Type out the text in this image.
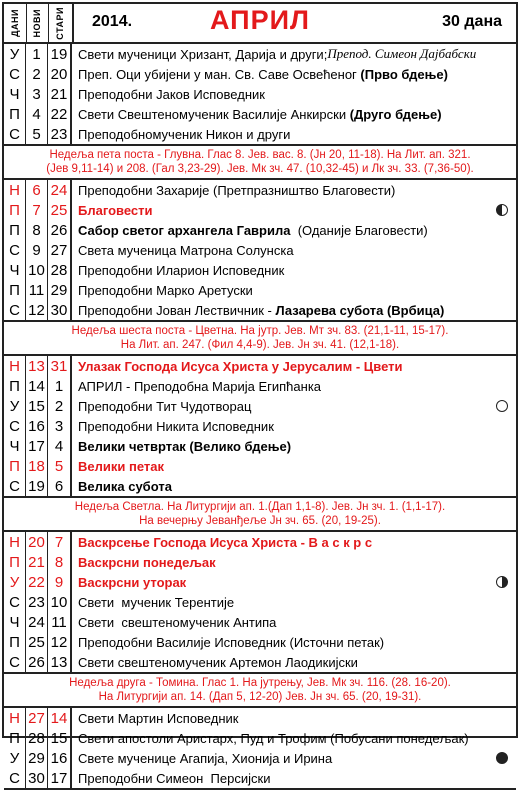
ДАНИ НОВИ СТАРИ	АПРИЛ
2014.	30 дана
У 1 19 Свети мученици Хризант, Дарија и други; Препод. Симеон Дајбабски
С 2 20 Преп. Оци убијени у ман. Св. Саве Освећеног (Прво бдење)
Ч 3 21 Преподобни Јаков Исповедник
П 4 22 Свети Свештеномученик Василије Анкирски (Друго бдење)
С 5 23 Преподобномученик Никон и други
Недеља пета поста - Глувна. Глас 8. Јев. вас. 8. (Јн 20, 11-18). На Лит. ап. 321.
(Јев 9,11-14) и 208. (Гал 3,23-29). Јев. Мк зч. 47. (10,32-45) и Лк зч. 33. (7,36-50).
Н 6 24 Преподобни Захарије (Претпразништво Благовести)
П 7 25 Благовести
П 8 26 Сабор светог архангела Гаврила (Оданије Благовести)
С 9 27 Света мученица Матрона Солунска
Ч 10 28 Преподобни Иларион Исповедник
П 11 29 Преподобни Марко Аретуски
С 12 30 Преподобни Јован Лествичник - Лазарева субота (Врбица)
Недеља шеста поста - Цветна. На јутр. Јев. Мт зч. 83. (21,1-11, 15-17).
На Лит. ап. 247. (Фил 4,4-9). Јев. Јн зч. 41. (12,1-18).
Н 13 31 Улазак Господа Исуса Христа у Јерусалим - Цвети
П 14 1	АПРИЛ - Преподобна Марија Египћанка
У 15 2	Преподобни Тит Чудотворац
С 16 3	Преподобни Никита Исповедник
Ч 17 4	Велики четвртак (Велико бдење)
П 18 5	Велики петак
С 19 6	Велика субота
Недеља Светла. На Литургији ап. 1.(Дап 1,1-8). Јев. Јн зч. 1. (1,1-17).
На вечерњу Јеванђеље Јн зч. 65. (20, 19-25).
Н 20 7	Васкрсење Господа Исуса Христа - В а с к р с
П 21 8	Васкрсни понедељак
У 22 9	Васкрсни уторак
С 23 10 Свети  мученик Терентије
Ч 24 11 Свети  свештеномученик Антипа
П 25 12 Преподобни Василије Исповедник (Источни петак)
С 26 13 Свети свештеномученик Артемон Лаодикијски
Недеља друга - Томина. Глас 1. На јутрењу, Јев. Мк зч. 116. (28. 16-20).
На Литургији ап. 14. (Дап 5, 12-20) Јев. Јн зч. 65. (20, 19-31).
Н 27 14 Свети Мартин Исповедник
П 28 15 Свети апостоли Аристарх, Пуд и Трофим (Побусани понедељак)
У 29 16 Свете мученице Агапија, Хионија и Ирина
С 30 17 Преподобни Симеон  Персијски
